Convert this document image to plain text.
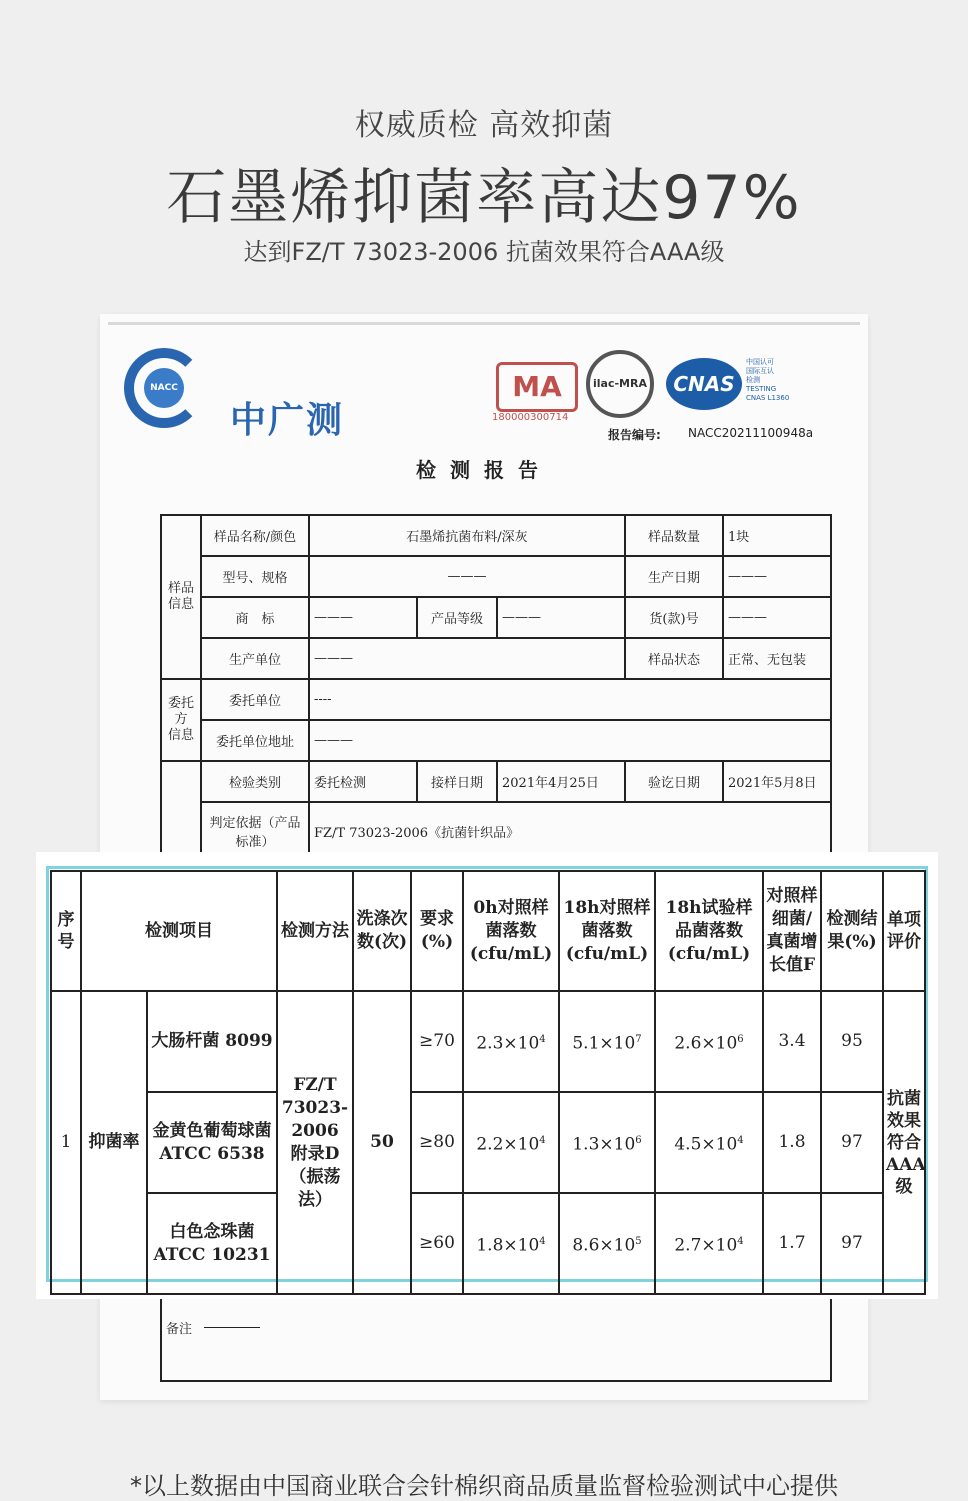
权威质检 高效抑菌
石墨烯抑菌率高达97%
达到FZ/T 73023-2006 抗菌效果符合AAA级
NACC
中广测
MA
180000300714
ilac-MRA	CNAS
中国认可
国际互认
检测
TESTING
CNAS L1360
报告编号: NACC20211100948a
检测报告
样品信息	样品名称/颜色	石墨烯抗菌布料/深灰			样品数量	1块
	型号、规格	———			生产日期	———
	商　标	———	产品等级	———	货(款)号	———
	生产单位	———			样品状态	正常、无包装
委托方 信息	委托单位	----				
	委托单位地址	———				
	检验类别	委托检测	接样日期	2021年4月25日	验讫日期	2021年5月8日
	判定依据（产品标准）	FZ/T 73023-2006《抗菌针织品》				
备注
序号	检测项目		检测方法	洗涤次数(次)	要求(%)	0h对照样菌落数(cfu/mL)	18h对照样菌落数(cfu/mL)	18h试验样品菌落数(cfu/mL)	对照样细菌/真菌增长值F	检测结果(%)	单项评价
1	抑菌率	大肠杆菌 8099	FZ/T 73023-2006 附录D（振荡法）	50	≥70	$2.3\times 10^4$	$5.1\times 10^7$	$2.6\times 10^6$	3.4	95	抗菌效果符合AAA级
		金黄色葡萄球菌 ATCC 6538			≥80	$2.2\times 10^4$	$1.3\times 10^6$	$4.5\times 10^4$	1.8	97	
		白色念珠菌 ATCC 10231			≥60	$1.8\times 10^4$	$8.6\times 10^5$	$2.7\times 10^4$	1.7	97	
*以上数据由中国商业联合会针棉织商品质量监督检验测试中心提供
